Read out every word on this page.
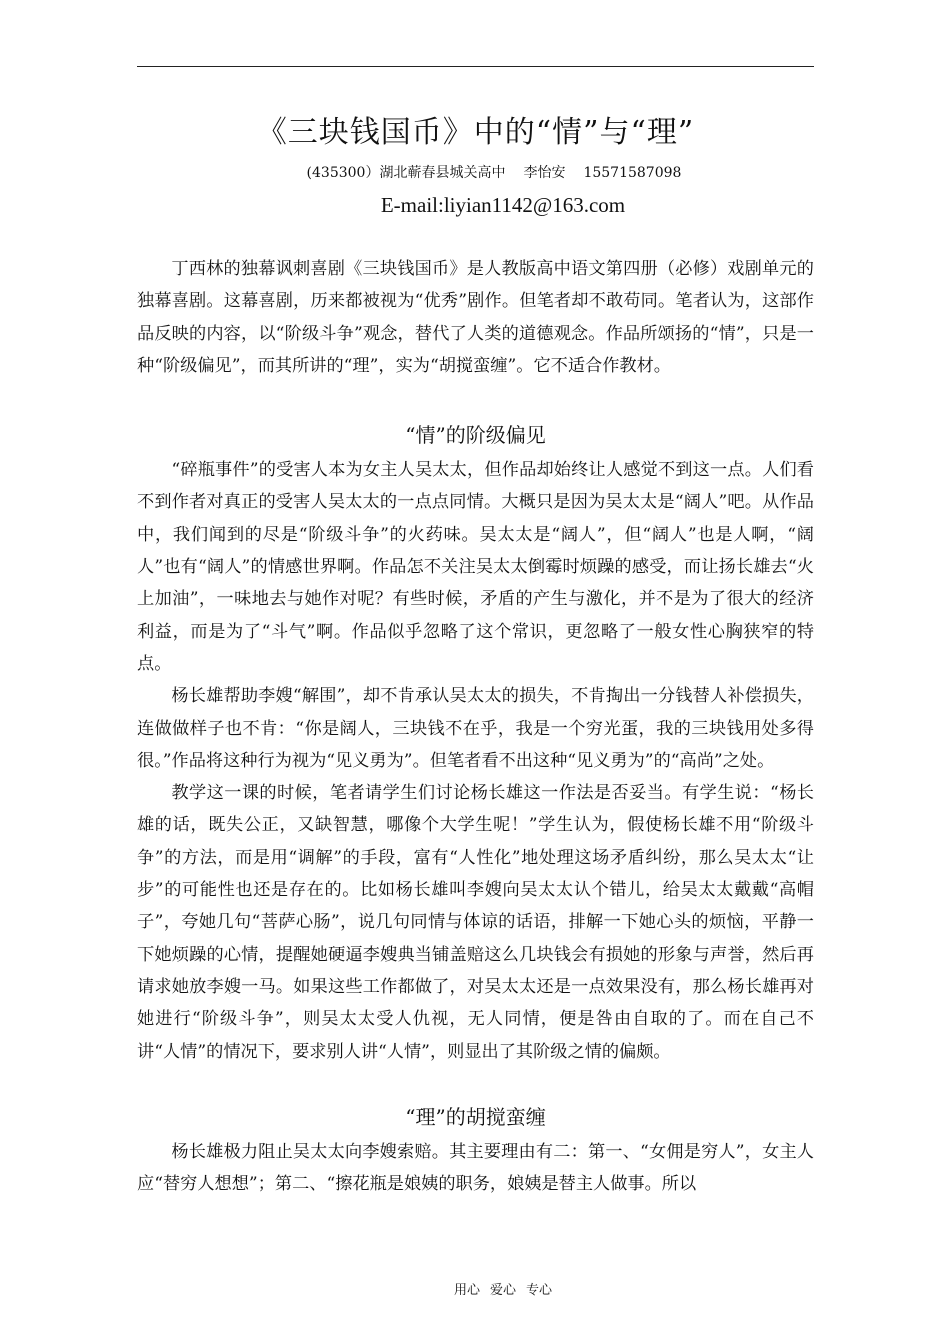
《三块钱国币》中的“情”与“理”
(435300）湖北蕲春县城关高中 李怡安 15571587098
E-mail:liyian1142@163.com

丁西林的独幕讽刺喜剧《三块钱国币》是人教版高中语文第四册（必修）戏剧单元的独幕喜剧。这幕喜剧，历来都被视为“优秀”剧作。但笔者却不敢苟同。笔者认为，这部作品反映的内容，以“阶级斗争”观念，替代了人类的道德观念。作品所颂扬的“情”，只是一种“阶级偏见”，而其所讲的“理”，实为“胡搅蛮缠”。它不适合作教材。

“情”的阶级偏见

“碎瓶事件”的受害人本为女主人吴太太，但作品却始终让人感觉不到这一点。人们看不到作者对真正的受害人吴太太的一点点同情。大概只是因为吴太太是“阔人”吧。从作品中，我们闻到的尽是“阶级斗争”的火药味。吴太太是“阔人”，但“阔人”也是人啊，“阔人”也有“阔人”的情感世界啊。作品怎不关注吴太太倒霉时烦躁的感受，而让扬长雄去“火上加油”，一味地去与她作对呢？有些时候，矛盾的产生与激化，并不是为了很大的经济利益，而是为了“斗气”啊。作品似乎忽略了这个常识，更忽略了一般女性心胸狭窄的特点。

杨长雄帮助李嫂“解围”，却不肯承认吴太太的损失，不肯掏出一分钱替人补偿损失，连做做样子也不肯：“你是阔人，三块钱不在乎，我是一个穷光蛋，我的三块钱用处多得很。”作品将这种行为视为“见义勇为”。但笔者看不出这种“见义勇为”的“高尚”之处。

教学这一课的时候，笔者请学生们讨论杨长雄这一作法是否妥当。有学生说：“杨长雄的话，既失公正，又缺智慧，哪像个大学生呢！”学生认为，假使杨长雄不用“阶级斗争”的方法，而是用“调解”的手段，富有“人性化”地处理这场矛盾纠纷，那么吴太太“让步”的可能性也还是存在的。比如杨长雄叫李嫂向吴太太认个错儿，给吴太太戴戴“高帽子”，夸她几句“菩萨心肠”，说几句同情与体谅的话语，排解一下她心头的烦恼，平静一下她烦躁的心情，提醒她硬逼李嫂典当铺盖赔这么几块钱会有损她的形象与声誉，然后再请求她放李嫂一马。如果这些工作都做了，对吴太太还是一点效果没有，那么杨长雄再对她进行“阶级斗争”，则吴太太受人仇视，无人同情，便是咎由自取的了。而在自己不讲“人情”的情况下，要求别人讲“人情”，则显出了其阶级之情的偏颇。

“理”的胡搅蛮缠

杨长雄极力阻止吴太太向李嫂索赔。其主要理由有二：第一、“女佣是穷人”，女主人应“替穷人想想”；第二、“擦花瓶是娘姨的职务，娘姨是替主人做事。所以

用心 爱心 专心
